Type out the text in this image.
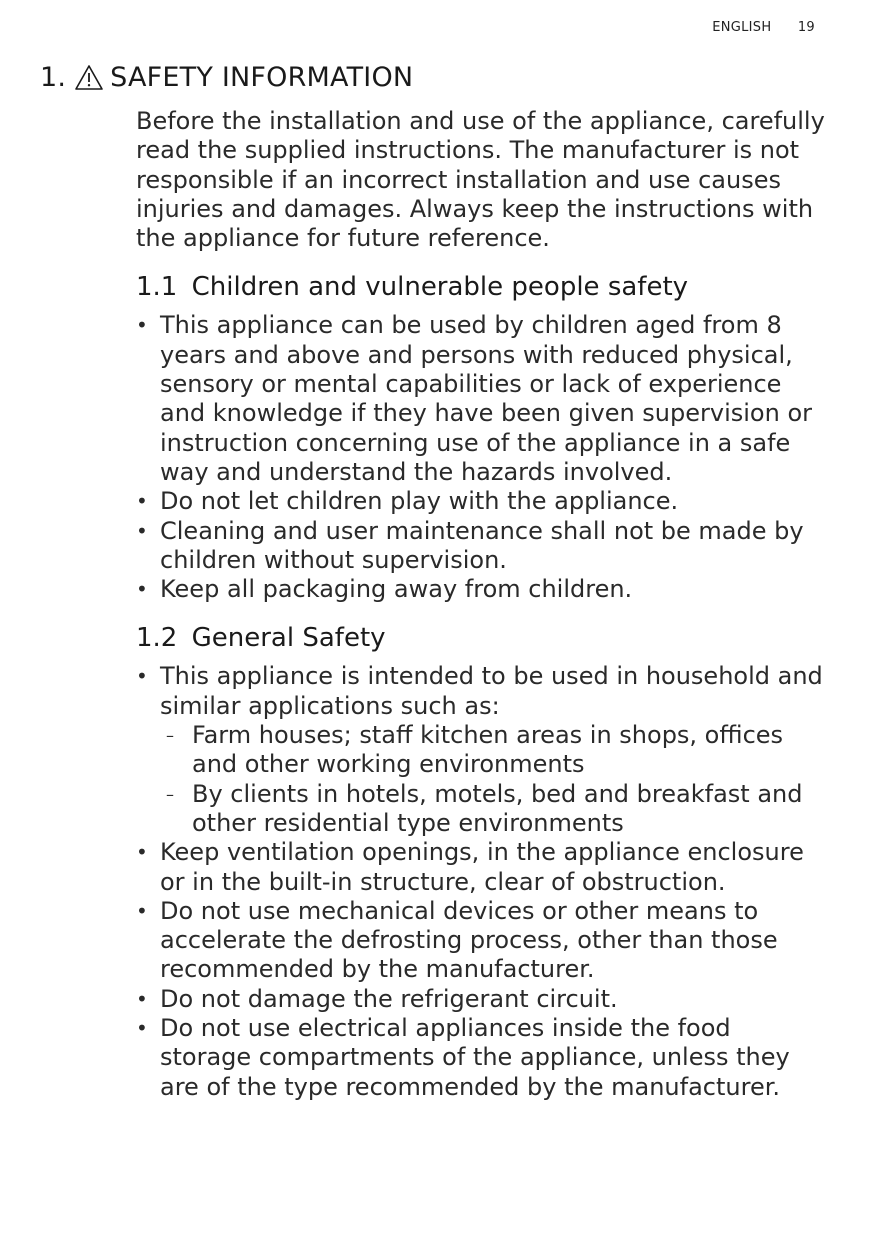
ENGLISH 19
1. SAFETY INFORMATION

Before the installation and use of the appliance, carefully read the supplied instructions. The manufacturer is not responsible if an incorrect installation and use causes injuries and damages. Always keep the instructions with the appliance for future reference.

1.1 Children and vulnerable people safety
• This appliance can be used by children aged from 8 years and above and persons with reduced physical, sensory or mental capabilities or lack of experience and knowledge if they have been given supervision or instruction concerning use of the appliance in a safe way and understand the hazards involved.
• Do not let children play with the appliance.
• Cleaning and user maintenance shall not be made by children without supervision.
• Keep all packaging away from children.
1.2 General Safety
• This appliance is intended to be used in household and similar applications such as:
– Farm houses; staff kitchen areas in shops, offices and other working environments
– By clients in hotels, motels, bed and breakfast and other residential type environments
• Keep ventilation openings, in the appliance enclosure or in the built-in structure, clear of obstruction.
• Do not use mechanical devices or other means to accelerate the defrosting process, other than those recommended by the manufacturer.
• Do not damage the refrigerant circuit.
• Do not use electrical appliances inside the food storage compartments of the appliance, unless they are of the type recommended by the manufacturer.
